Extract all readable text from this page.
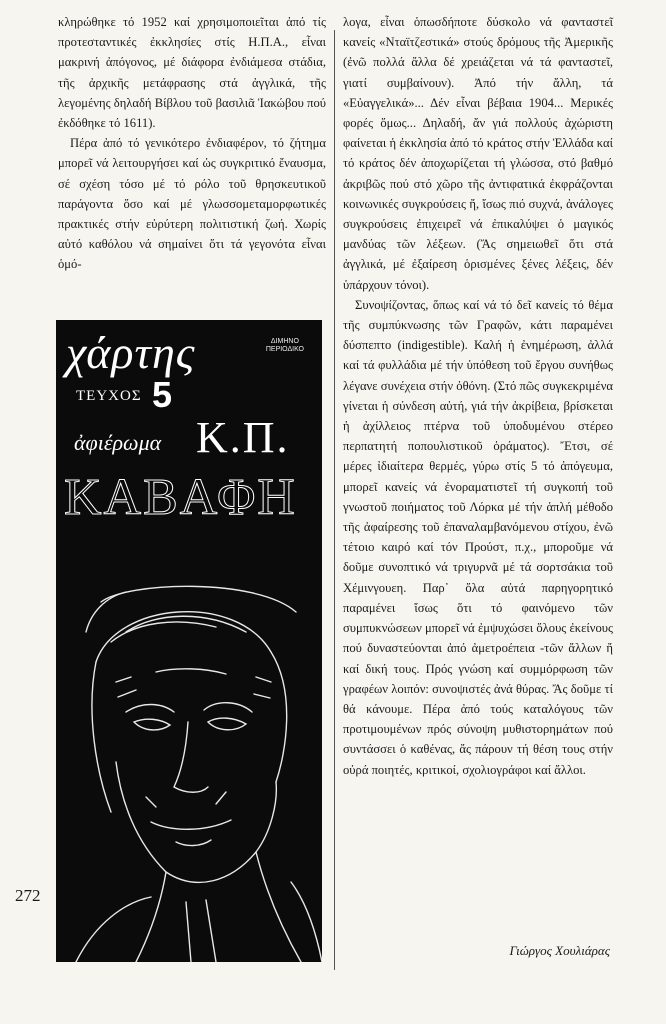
κληρώθηκε τό 1952 καί χρησιμοποιεῖται ἀπό τίς προτεσταντικές ἐκκλησίες στίς Η.Π.Α., εἶναι μακρινή ἀπόγονος, μέ διάφορα ἐνδιάμεσα στάδια, τῆς ἀρχικῆς μετάφρασης στά ἀγγλικά, τῆς λεγομένης δηλαδή Βίβλου τοῦ βασιλιᾶ Ἰακώβου πού ἐκδόθηκε τό 1611).

Πέρα ἀπό τό γενικότερο ἐνδιαφέρον, τό ζήτημα μπορεῖ νά λειτουργήσει καί ὡς συγκριτικό ἔναυσμα, σέ σχέση τόσο μέ τό ρόλο τοῦ θρησκευτικοῦ παράγοντα ὅσο καί μέ γλωσσομεταμορφωτικές πρακτικές στήν εὐρύτερη πολιτιστική ζωή. Χωρίς αὐτό καθόλου νά σημαίνει ὅτι τά γεγονότα εἶναι ὁμό-

λογα, εἶναι ὁπωσδήποτε δύσκολο νά φανταστεῖ κανείς «Νταϊτζεστικά» στούς δρόμους τῆς Ἀμερικῆς (ἐνῶ πολλά ἄλλα δέ χρειάζεται νά τά φανταστεῖ, γιατί συμβαίνουν). Ἀπό τήν ἄλλη, τά «Εὐαγγελικά»... Δέν εἶναι βέβαια 1904... Μερικές φορές ὅμως... Δηλαδή, ἄν γιά πολλούς ἀχώριστη φαίνεται ἡ ἐκκλησία ἀπό τό κράτος στήν Ἑλλάδα καί τό κράτος δέν ἀποχωρίζεται τή γλώσσα, στό βαθμό ἀκριβῶς πού στό χῶρο τῆς ἀντιφατικά ἐκφράζονται κοινωνικές συγκρούσεις ἤ, ἴσως πιό συχνά, ἀνάλογες συγκρούσεις ἐπιχειρεῖ νά ἐπικαλύψει ὁ μαγικός μανδύας τῶν λέξεων. (Ἄς σημειωθεῖ ὅτι στά ἀγγλικά, μέ ἐξαίρεση ὁρισμένες ξένες λέξεις, δέν ὑπάρχουν τόνοι).

Συνοψίζοντας, ὅπως καί νά τό δεῖ κανείς τό θέμα τῆς συμπύκνωσης τῶν Γραφῶν, κάτι παραμένει δύσπεπτο (indigestible). Καλή ἡ ἐνημέρωση, ἀλλά καί τά φυλλάδια μέ τήν ὑπόθεση τοῦ ἔργου συνήθως λέγανε συνέχεια στήν ὀθόνη. (Στό πῶς συγκεκριμένα γίνεται ἡ σύνδεση αὐτή, γιά τήν ἀκρίβεια, βρίσκεται ἡ ἀχίλλειος πτέρνα τοῦ ὑποδυμένου στέρεο περπατητή ποπουλιστικοῦ ὁράματος). Ἔτσι, σέ μέρες ἰδιαίτερα θερμές, γύρω στίς 5 τό ἀπόγευμα, μπορεῖ κανείς νά ἐνοραματιστεῖ τή συγκοπή τοῦ γνωστοῦ ποιήματος τοῦ Λόρκα μέ τήν ἁπλή μέθοδο τῆς ἀφαίρεσης τοῦ ἐπαναλαμβανόμενου στίχου, ἐνῶ τέτοιο καιρό καί τόν Προύστ, π.χ., μποροῦμε νά δοῦμε συνοπτικό νά τριγυρνᾶ μέ τά σορτσάκια τοῦ Χέμινγουεη. Παρ᾽ ὅλα αὐτά παρηγορητικό παραμένει ἴσως ὅτι τό φαινόμενο τῶν συμπυκνώσεων μπορεῖ νά ἐμψυχώσει ὅλους ἐκείνους πού δυναστεύονται ἀπό ἀμετροέπεια -τῶν ἄλλων ἤ καί δική τους. Πρός γνώση καί συμμόρφωση τῶν γραφέων λοιπόν: συνοψιστές ἀνά θύρας. Ἄς δοῦμε τί θά κάνουμε. Πέρα ἀπό τούς καταλόγους τῶν προτιμουμένων πρός σύνοψη μυθιστορημάτων πού συντάσσει ὁ καθένας, ἄς πάρουν τή θέση τους στήν οὐρά ποιητές, κριτικοί, σχολιογράφοι καί ἄλλοι.

χάρτης	ΔΙΜΗΝΟ
ΠΕΡΙΟΔΙΚΟ
ΤΕΥΧΟΣ 5
ἀφιέρωμα Κ.Π.
ΚΑΒΑΦΗ
272
Γιώργος Χουλιάρας
